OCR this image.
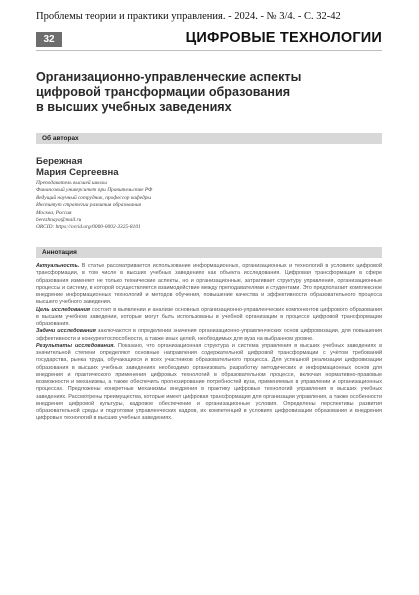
Проблемы теории и практики управления. - 2024. - № 3/4. - С. 32-42
32	ЦИФРОВЫЕ ТЕХНОЛОГИИ
Организационно-управленческие аспекты
цифровой трансформации образования
в высших учебных заведениях
Об авторах
Бережная
Мария Сергеевна
Преподаватель высшей школы
Финансовый университет при Правительстве РФ
Ведущий научный сотрудник, профессор кафедры
Институт стратегии развития образования
Москва, Россия
berezhnaya@mail.ru
ORCID: https://orcid.org/0000-0002-3325-8101
Аннотация

Актуальность. В статье рассматривается использование информационных, организационных и технологий в условиях цифровой трансформации, в том числе в высших учебных заведениях как объекта исследования. Цифровая трансформация в сфере образования изменяет не только технические аспекты, но и организационные, затрагивает структуру управления, организационные процессы и систему, в которой осуществляется взаимодействие между преподавателями и студентами. Это предполагает комплексное внедрение информационных технологий и методов обучения, повышение качества и эффективности образовательного процесса высшего учебного заведения.

Цель исследования состоит в выявлении и анализе основных организационно-управленческих компонентов цифрового образования в высшем учебном заведении, которые могут быть использованы в учебной организации в процессе цифровой трансформации образования.

Задачи исследования заключаются в определении значения организационно-управленческих основ цифровизации, для повышения эффективности и конкурентоспособности, а также иных целей, необходимых для вуза на выбранном уровне.

Результаты исследования. Показано, что организационная структура и система управления в высших учебных заведениях в значительной степени определяют основные направления содержательной цифровой трансформации с учётом требований государства, рынка труда, обучающихся и всех участников образовательного процесса. Для успешной реализации цифровизации образования в высших учебных заведениях необходимо организовать разработку методических и информационных основ для внедрения и практического применения цифровых технологий в образовательном процессе, включая нормативно-правовые возможности и механизмы, а также обеспечить прогнозирование потребностей вуза, применяемых в управлении и организационных процессах. Предложены конкретные механизмы внедрения в практику цифровых технологий управления в высших учебных заведениях. Рассмотрены преимущества, которые имеет цифровая трансформация для организации управления, а также особенности внедрения цифровой культуры, кадровое обеспечение и организационные условия. Определены перспективы развития образовательной среды и подготовки управленческих кадров, их компетенций в условиях цифровизации образования и внедрения цифровых технологий в высших учебных заведениях.
